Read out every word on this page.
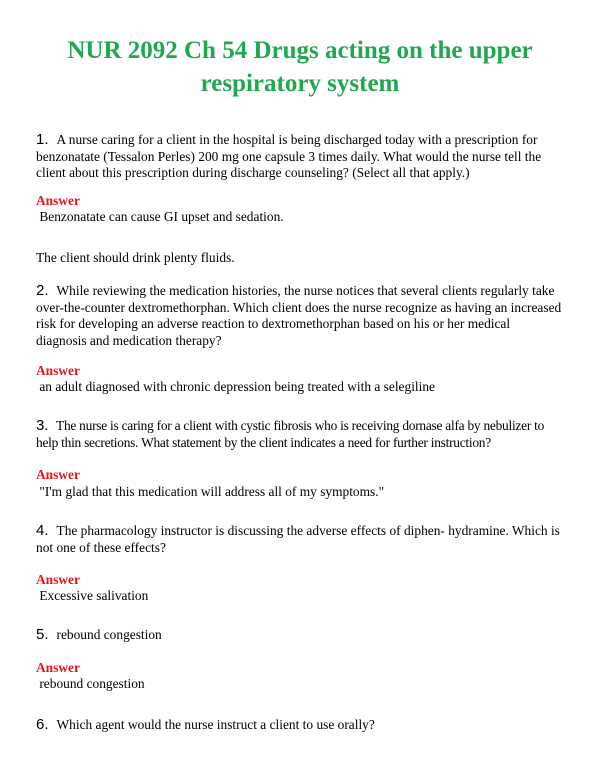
NUR 2092 Ch 54 Drugs acting on the upper respiratory system
1. A nurse caring for a client in the hospital is being discharged today with a prescription for benzonatate (Tessalon Perles) 200 mg one capsule 3 times daily. What would the nurse tell the client about this prescription during discharge counseling? (Select all that apply.)
Answer
Benzonatate can cause GI upset and sedation.
The client should drink plenty fluids.
2. While reviewing the medication histories, the nurse notices that several clients regularly take over-the-counter dextromethorphan. Which client does the nurse recognize as having an increased risk for developing an adverse reaction to dextromethorphan based on his or her medical diagnosis and medication therapy?
Answer
an adult diagnosed with chronic depression being treated with a selegiline
3. The nurse is caring for a client with cystic fibrosis who is receiving dornase alfa by nebulizer to help thin secretions. What statement by the client indicates a need for further instruction?
Answer
"I'm glad that this medication will address all of my symptoms."
4. The pharmacology instructor is discussing the adverse effects of diphen- hydramine. Which is not one of these effects?
Answer
Excessive salivation
5. rebound congestion
Answer
rebound congestion
6. Which agent would the nurse instruct a client to use orally?
